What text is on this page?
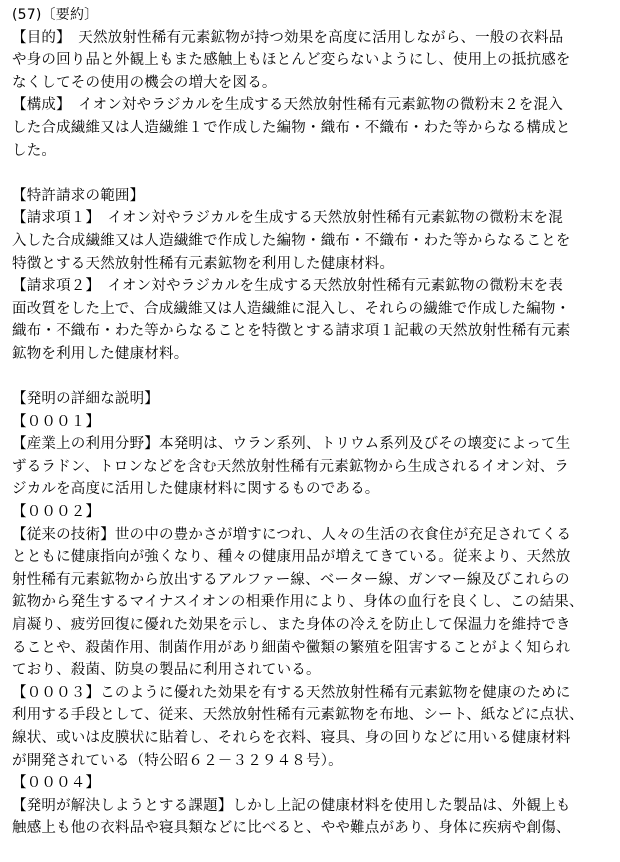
(57)〔要約〕
【目的】　天然放射性稀有元素鉱物が持つ効果を高度に活用しながら、一般の衣料品
や身の回り品と外観上もまた感触上もほとんど変らないようにし、使用上の抵抗感を
なくしてその使用の機会の増大を図る。
【構成】　イオン対やラジカルを生成する天然放射性稀有元素鉱物の微粉末２を混入
した合成繊維又は人造繊維１で作成した編物・織布・不織布・わた等からなる構成と
した。
【特許請求の範囲】
【請求項１】　イオン対やラジカルを生成する天然放射性稀有元素鉱物の微粉末を混
入した合成繊維又は人造繊維で作成した編物・織布・不織布・わた等からなることを
特徴とする天然放射性稀有元素鉱物を利用した健康材料。
【請求項２】　イオン対やラジカルを生成する天然放射性稀有元素鉱物の微粉末を表
面改質をした上で、合成繊維又は人造繊維に混入し、それらの繊維で作成した編物・
織布・不織布・わた等からなることを特徴とする請求項１記載の天然放射性稀有元素
鉱物を利用した健康材料。
【発明の詳細な説明】
【０００１】
【産業上の利用分野】本発明は、ウラン系列、トリウム系列及びその壊変によって生
ずるラドン、トロンなどを含む天然放射性稀有元素鉱物から生成されるイオン対、ラ
ジカルを高度に活用した健康材料に関するものである。
【０００２】
【従来の技術】世の中の豊かさが増すにつれ、人々の生活の衣食住が充足されてくる
とともに健康指向が強くなり、種々の健康用品が増えてきている。従来より、天然放
射性稀有元素鉱物から放出するアルファー線、ベーター線、ガンマー線及びこれらの
鉱物から発生するマイナスイオンの相乗作用により、身体の血行を良くし、この結果、
肩凝り、疲労回復に優れた効果を示し、また身体の冷えを防止して保温力を維持でき
ることや、殺菌作用、制菌作用があり細菌や黴類の繁殖を阻害することがよく知られ
ており、殺菌、防臭の製品に利用されている。
【０００３】このように優れた効果を有する天然放射性稀有元素鉱物を健康のために
利用する手段として、従来、天然放射性稀有元素鉱物を布地、シート、紙などに点状、
線状、或いは皮膜状に貼着し、それらを衣料、寝具、身の回りなどに用いる健康材料
が開発されている（特公昭６２－３２９４８号）。
【０００４】
【発明が解決しようとする課題】しかし上記の健康材料を使用した製品は、外観上も
触感上も他の衣料品や寝具類などに比べると、やや難点があり、身体に疾病や創傷、
